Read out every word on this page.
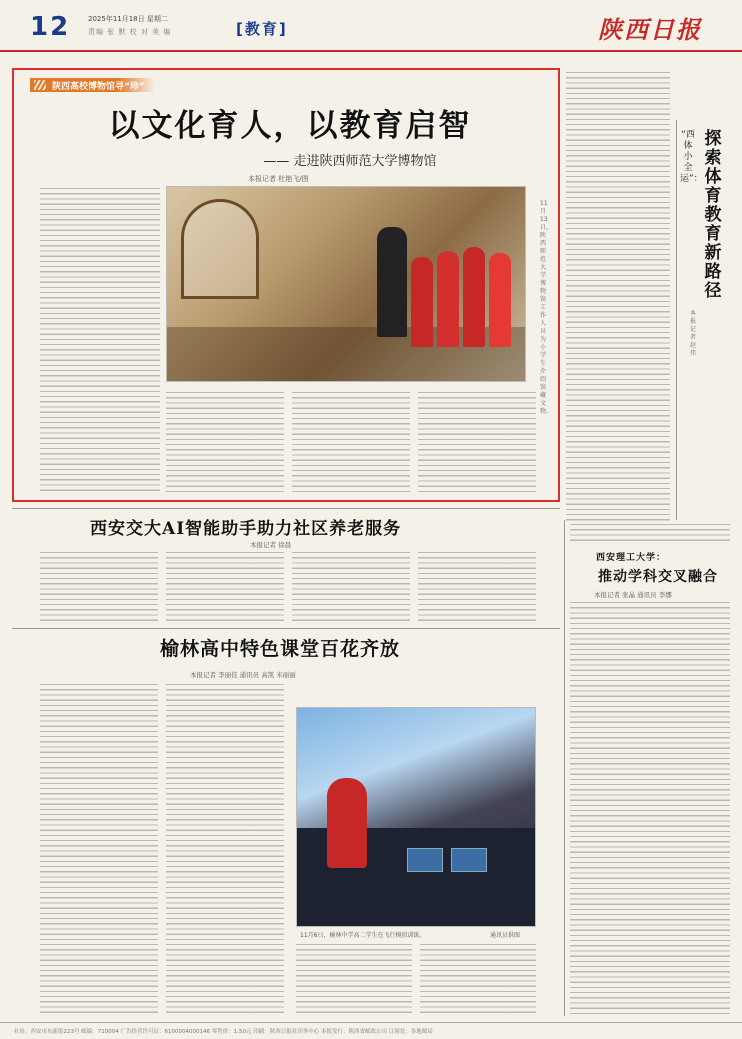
12	2025年11月18日 星期二
责编 张 默 校 对 美 编	[教育]	陕西日报
陕西高校博物馆寻“珍”
以文化育人，以教育启智
—— 走进陕西师范大学博物馆
本报记者 杜艳飞/图
11月13日，陕西师范大学博物馆工作人员为小学生介绍馆藏文物。
“西体小全运”：
探索体育教育新路径
本报记者 赵伟
西安交大AI智能助手助力社区养老服务
本报记者 徐晨
榆林高中特色课堂百花齐放
本报记者 李丽佳 通讯员 高凯 米丽丽
11月6日，榆林中学高二学生在飞行模拟训练。	通讯员供图
西安理工大学：
推动学科交叉融合
本报记者 张晶 通讯员 李娜
社址：西安市东新街223号 邮编：710004 广告经营许可证：6100004000146 零售价：1.50元 印刷：陕西日报社印务中心 本报发行：陕西省邮政公司 订阅处：各地邮局
